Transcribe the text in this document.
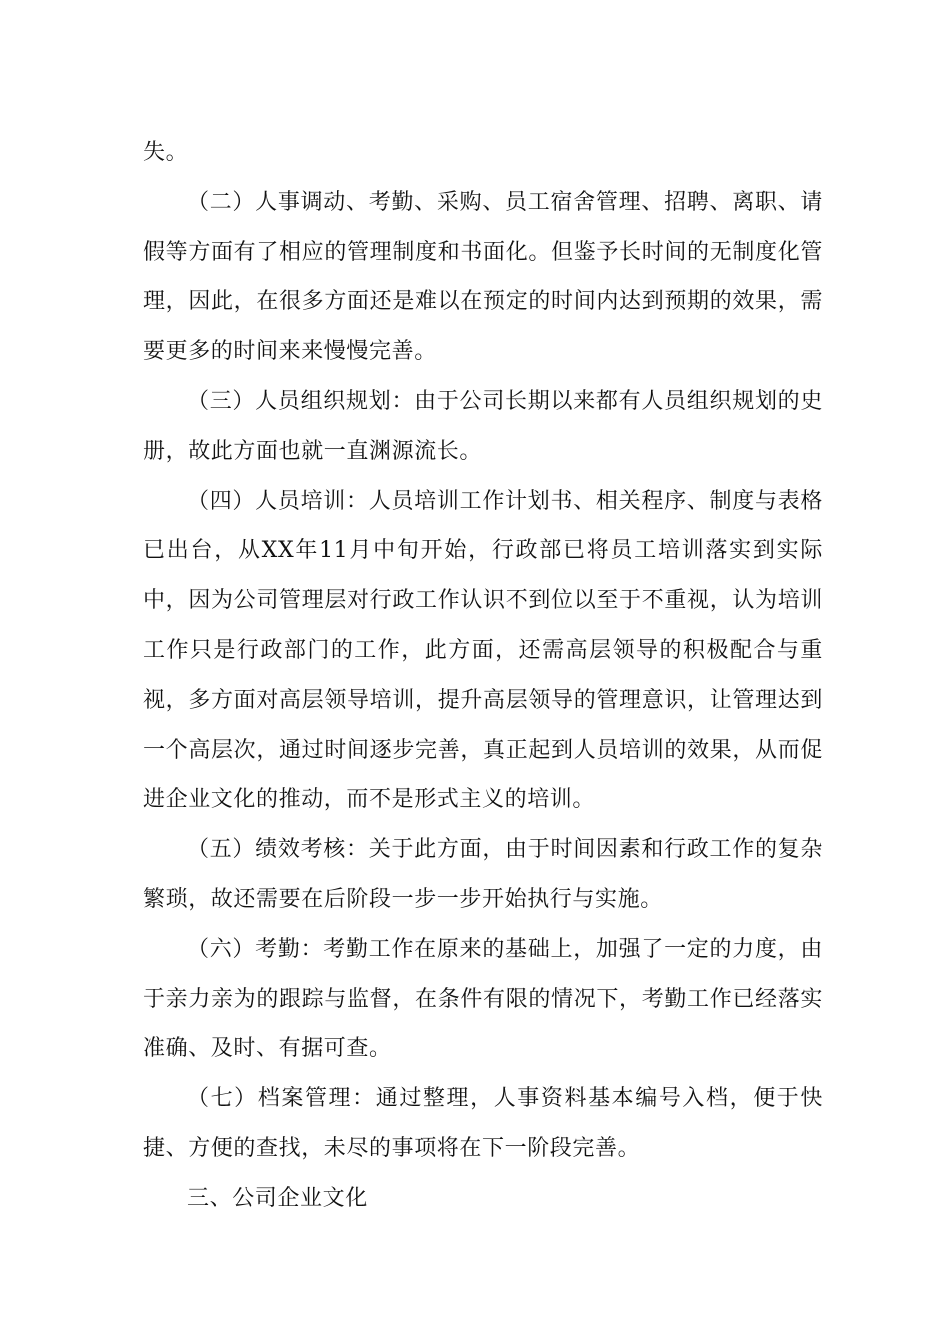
失。

（二）人事调动、考勤、采购、员工宿舍管理、招聘、离职、请假等方面有了相应的管理制度和书面化。但鉴予长时间的无制度化管理，因此，在很多方面还是难以在预定的时间内达到预期的效果，需要更多的时间来来慢慢完善。

（三）人员组织规划：由于公司长期以来都有人员组织规划的史册，故此方面也就一直渊源流长。

（四）人员培训：人员培训工作计划书、相关程序、制度与表格已出台，从XX年11月中旬开始，行政部已将员工培训落实到实际中，因为公司管理层对行政工作认识不到位以至于不重视，认为培训工作只是行政部门的工作，此方面，还需高层领导的积极配合与重视，多方面对高层领导培训，提升高层领导的管理意识，让管理达到一个高层次，通过时间逐步完善，真正起到人员培训的效果，从而促进企业文化的推动，而不是形式主义的培训。

（五）绩效考核：关于此方面，由于时间因素和行政工作的复杂繁琐，故还需要在后阶段一步一步开始执行与实施。

（六）考勤：考勤工作在原来的基础上，加强了一定的力度，由于亲力亲为的跟踪与监督，在条件有限的情况下，考勤工作已经落实准确、及时、有据可查。

（七）档案管理：通过整理，人事资料基本编号入档，便于快捷、方便的查找，未尽的事项将在下一阶段完善。

三、公司企业文化
